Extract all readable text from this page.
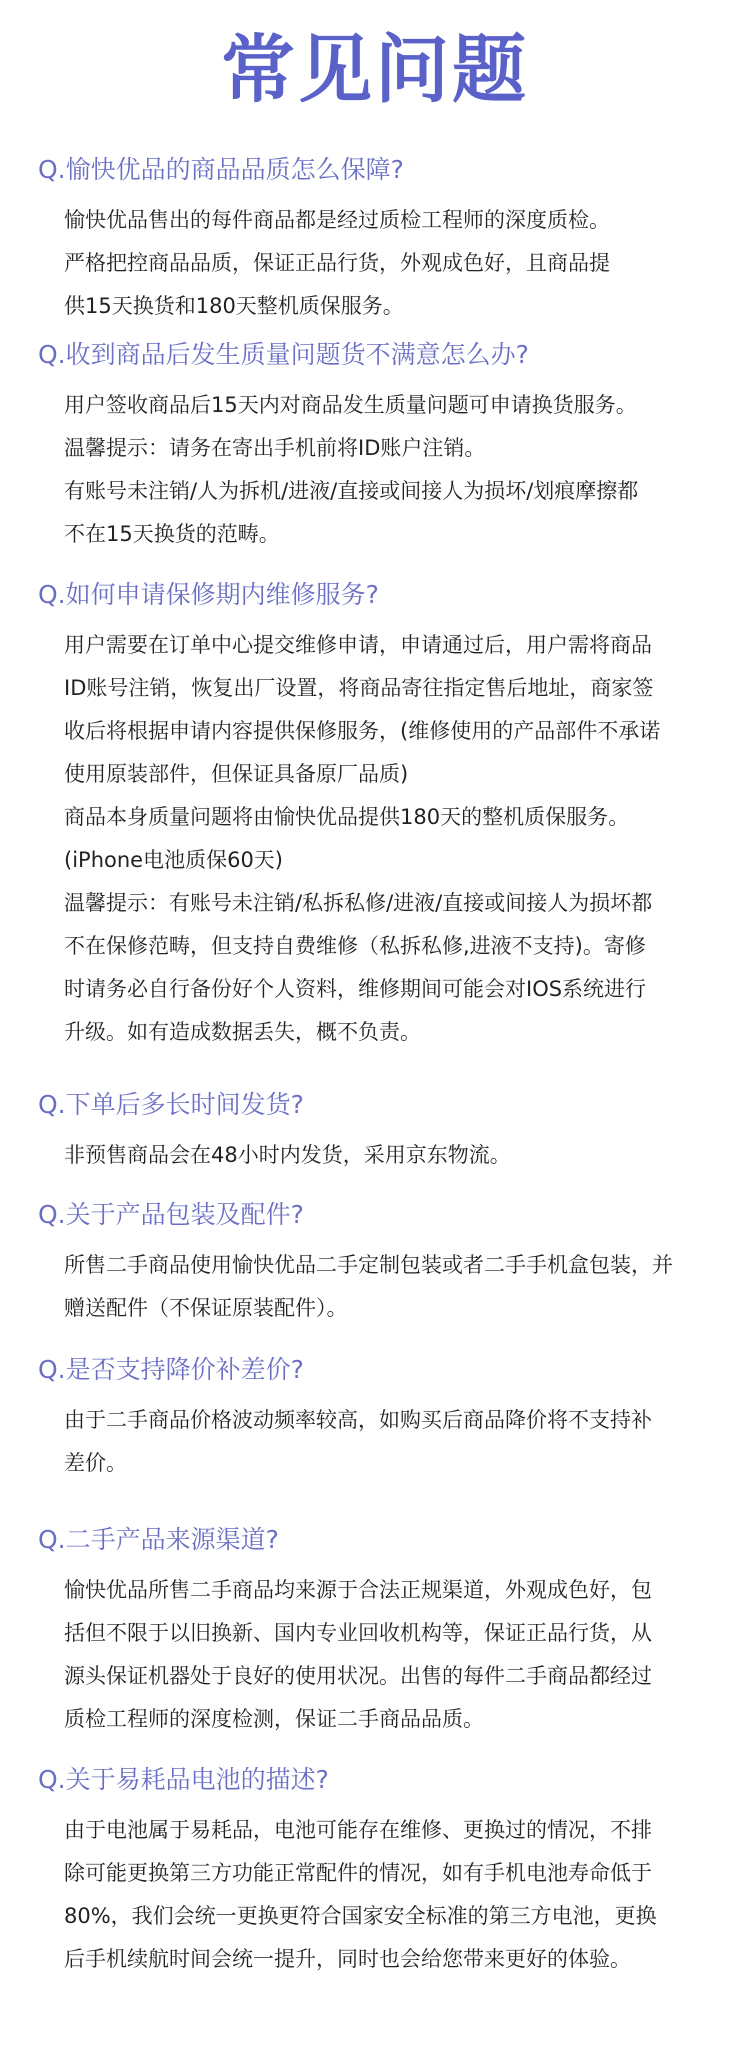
常见问题
Q.愉快优品的商品品质怎么保障?
愉快优品售出的每件商品都是经过质检工程师的深度质检。
严格把控商品品质，保证正品行货，外观成色好，且商品提
供15天换货和180天整机质保服务。
Q.收到商品后发生质量问题货不满意怎么办?
用户签收商品后15天内对商品发生质量问题可申请换货服务。
温馨提示：请务在寄出手机前将ID账户注销。
有账号未注销/人为拆机/进液/直接或间接人为损坏/划痕摩擦都
不在15天换货的范畴。
Q.如何申请保修期内维修服务?
用户需要在订单中心提交维修申请，申请通过后，用户需将商品
ID账号注销，恢复出厂设置，将商品寄往指定售后地址，商家签
收后将根据申请内容提供保修服务，(维修使用的产品部件不承诺
使用原装部件，但保证具备原厂品质)
商品本身质量问题将由愉快优品提供180天的整机质保服务。
(iPhone电池质保60天)
温馨提示：有账号未注销/私拆私修/进液/直接或间接人为损坏都
不在保修范畴，但支持自费维修（私拆私修,进液不支持)。寄修
时请务必自行备份好个人资料，维修期间可能会对IOS系统进行
升级。如有造成数据丢失，概不负责。
Q.下单后多长时间发货?
非预售商品会在48小时内发货，采用京东物流。
Q.关于产品包装及配件?
所售二手商品使用愉快优品二手定制包装或者二手手机盒包装，并
赠送配件（不保证原装配件）。
Q.是否支持降价补差价?
由于二手商品价格波动频率较高，如购买后商品降价将不支持补
差价。
Q.二手产品来源渠道?
愉快优品所售二手商品均来源于合法正规渠道，外观成色好，包
括但不限于以旧换新、国内专业回收机构等，保证正品行货，从
源头保证机器处于良好的使用状况。出售的每件二手商品都经过
质检工程师的深度检测，保证二手商品品质。
Q.关于易耗品电池的描述?
由于电池属于易耗品，电池可能存在维修、更换过的情况，不排
除可能更换第三方功能正常配件的情况，如有手机电池寿命低于
80%，我们会统一更换更符合国家安全标准的第三方电池，更换
后手机续航时间会统一提升，同时也会给您带来更好的体验。
